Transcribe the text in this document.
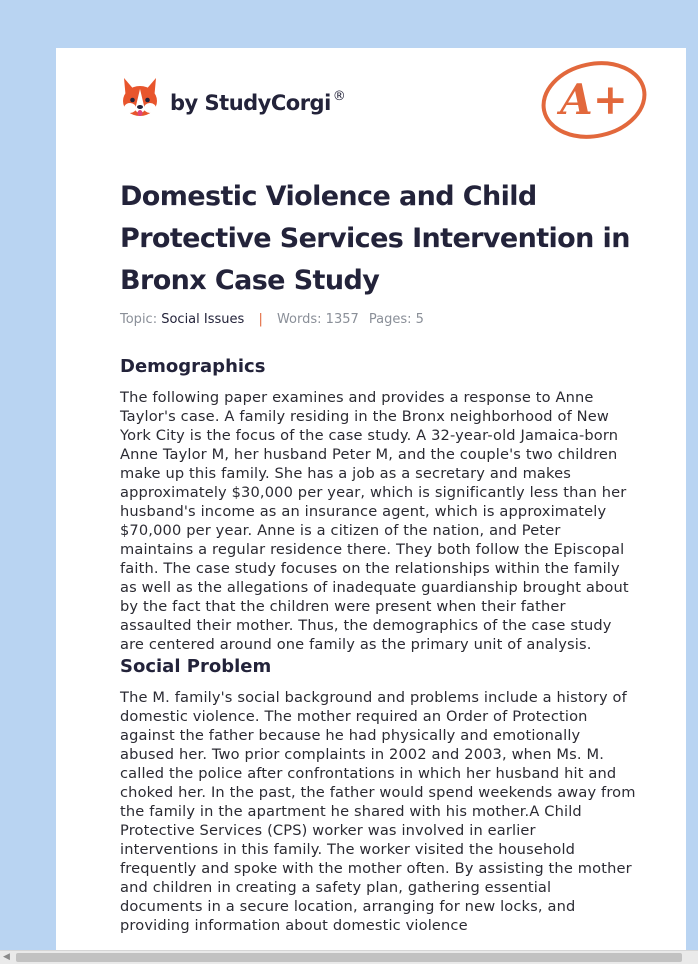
by StudyCorgi ®	A+
Domestic Violence and Child Protective Services Intervention in Bronx Case Study
Topic: Social Issues | Words: 1357 Pages: 5
Demographics

The following paper examines and provides a response to Anne Taylor's case. A family residing in the Bronx neighborhood of New York City is the focus of the case study. A 32-year-old Jamaica-born Anne Taylor M, her husband Peter M, and the couple's two children make up this family. She has a job as a secretary and makes approximately $30,000 per year, which is significantly less than her husband's income as an insurance agent, which is approximately $70,000 per year. Anne is a citizen of the nation, and Peter maintains a regular residence there. They both follow the Episcopal faith. The case study focuses on the relationships within the family as well as the allegations of inadequate guardianship brought about by the fact that the children were present when their father assaulted their mother. Thus, the demographics of the case study are centered around one family as the primary unit of analysis.

Social Problem

The M. family's social background and problems include a history of domestic violence. The mother required an Order of Protection against the father because he had physically and emotionally abused her. Two prior complaints in 2002 and 2003, when Ms. M. called the police after confrontations in which her husband hit and choked her. In the past, the father would spend weekends away from the family in the apartment he shared with his mother.A Child Protective Services (CPS) worker was involved in earlier interventions in this family. The worker visited the household frequently and spoke with the mother often. By assisting the mother and children in creating a safety plan, gathering essential documents in a secure location, arranging for new locks, and providing information about domestic violence

◀
